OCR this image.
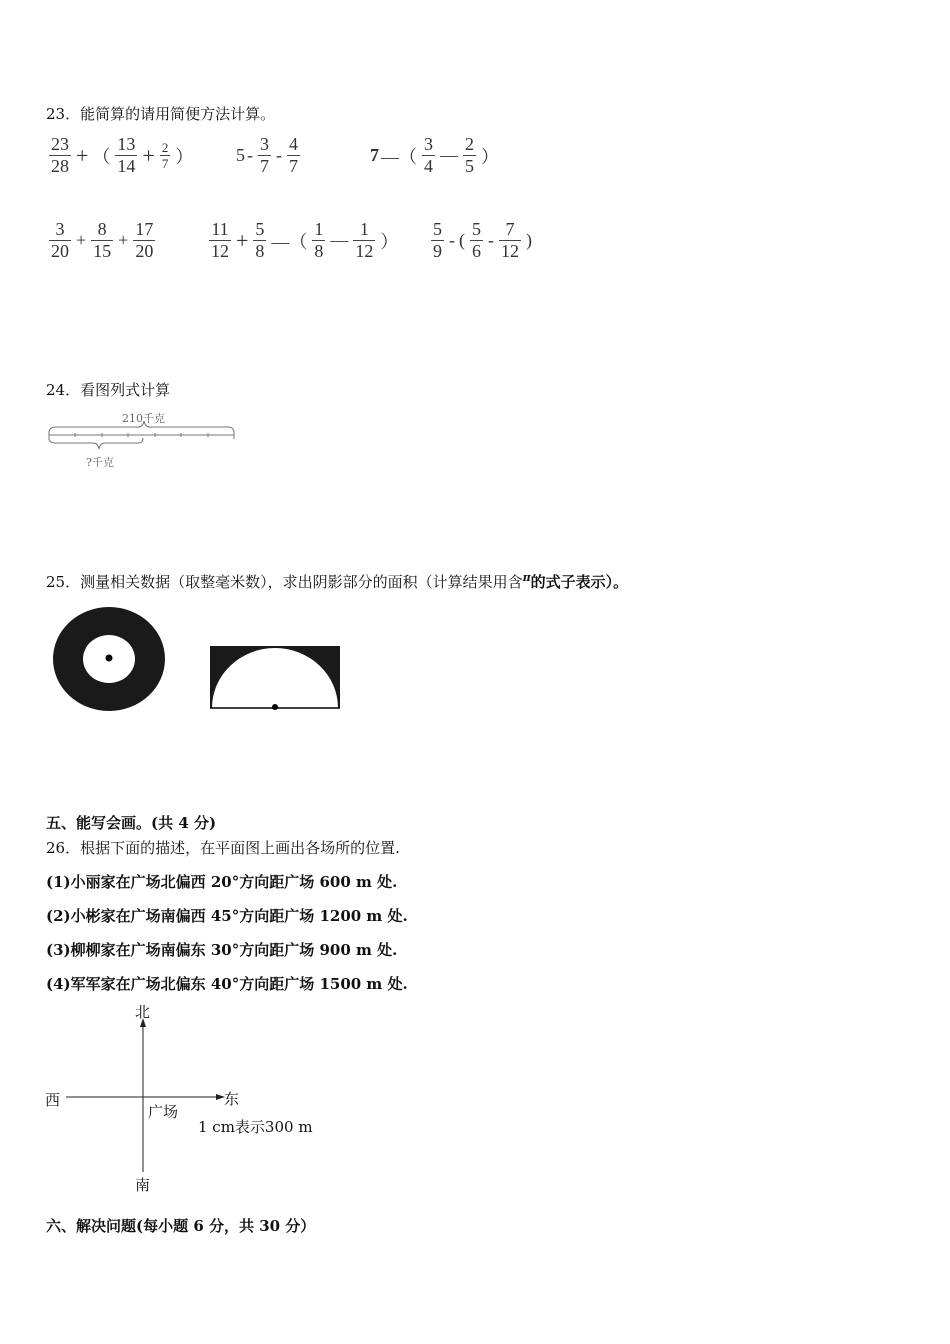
23．能简算的请用简便方法计算。
$\frac{23}{28}$ + （ $\frac{13}{14} + \frac{2}{7}$ ） $5 - \frac{3}{7} - \frac{4}{7}$	7 —（ $\frac{3}{4}$ — $\frac{2}{5}$ ）
$\frac{3}{20} + \frac{8}{15} + \frac{17}{20}$	$\frac{11}{12} + \frac{5}{8}$ —（ $\frac{1}{8}$ — $\frac{1}{12}$ ） $\frac{5}{9}$ - ( $\frac{5}{6} - \frac{7}{12}$ )
24．看图列式计算
210千克
?千克
25．测量相关数据（取整毫米数），求出阴影部分的面积（计算结果用含$^\pi$的式子表示）。
五、能写会画。(共 4 分)
26．根据下面的描述，在平面图上画出各场所的位置.
(1)小丽家在广场北偏西 20°方向距广场 600 m 处.
(2)小彬家在广场南偏西 45°方向距广场 1200 m 处.
(3)柳柳家在广场南偏东 30°方向距广场 900 m 处.
(4)军军家在广场北偏东 40°方向距广场 1500 m 处.
北
南
西	东
广场
1 cm表示300 m
六、解决问题(每小题 6 分，共 30 分）
